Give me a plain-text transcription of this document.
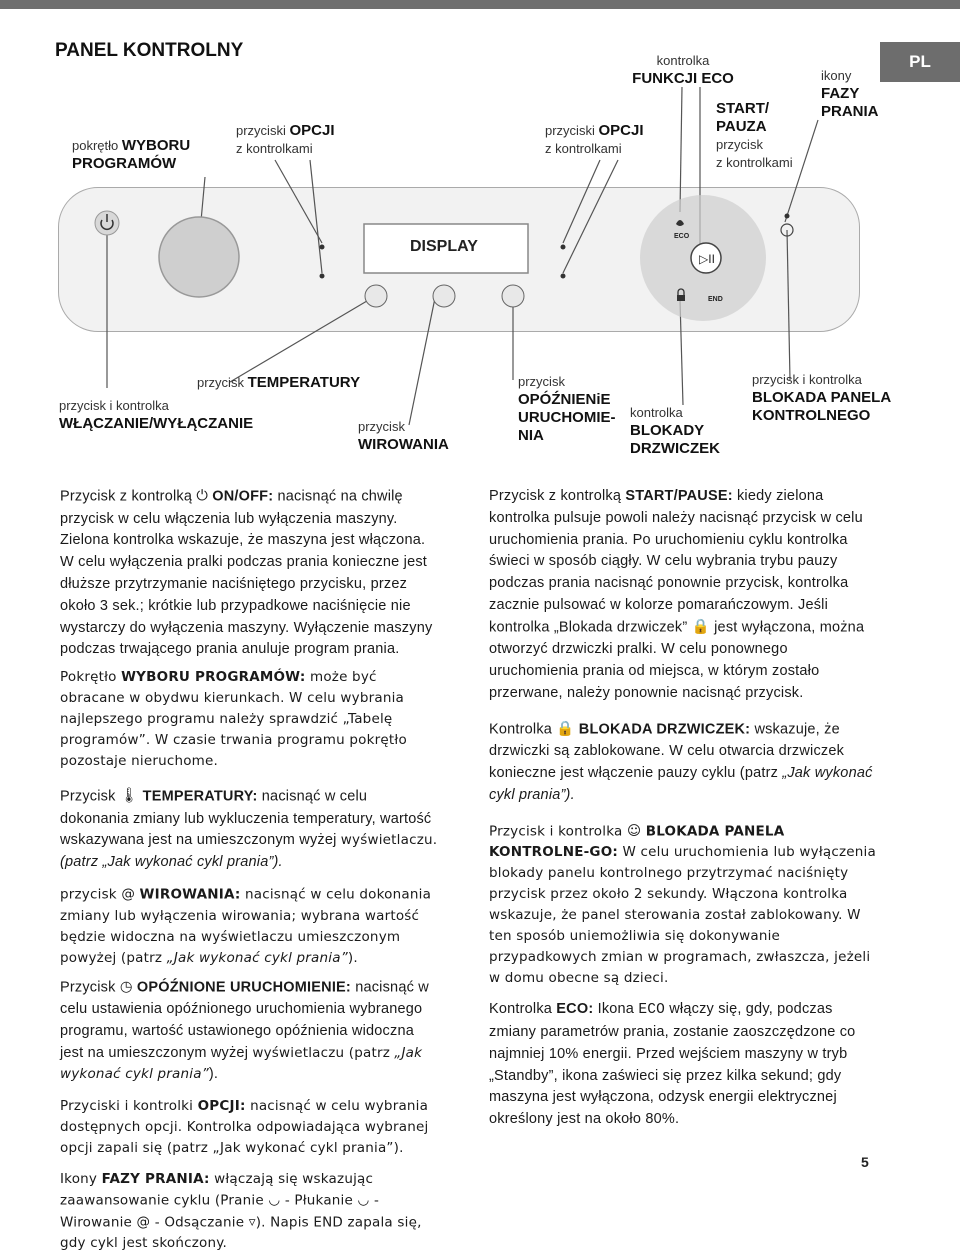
PL
PANEL KONTROLNY
pokrętło WYBORU
PROGRAMÓW
przyciski OPCJI
z kontrolkami
przyciski OPCJI
z kontrolkami
kontrolka
FUNKCJI ECO
START/
PAUZA
przycisk
z kontrolkami
ikony
FAZY
PRANIA
▷II
DISPLAY
ECO
END
przycisk i kontrolka
WŁĄCZANIE/WYŁĄCZANIE
przycisk TEMPERATURY
przycisk
WIROWANIA
przycisk
OPÓŹNIENiE
URUCHOMIE-
NIA
kontrolka
BLOKADY
DRZWICZEK
przycisk i kontrolka
BLOKADA PANELA
KONTROLNEGO

Przycisk z kontrolką ⏻ ON/OFF: nacisnąć na chwilę przycisk w celu włączenia lub wyłączenia maszyny. Zielona kontrolka wskazuje, że maszyna jest włączona. W celu wyłączenia pralki podczas prania konieczne jest dłuższe przytrzymanie naciśniętego przycisku, przez około 3 sek.; krótkie lub przypadkowe naciśnięcie nie wystarczy do wyłączenia maszyny. Wyłączenie maszyny podczas trwającego prania anuluje program prania.

Pokrętło WYBORU PROGRAMÓW: może być obracane w obydwu kierunkach. W celu wybrania najlepszego programu należy sprawdzić „Tabelę programów”. W czasie trwania programu pokrętło pozostaje nieruchome.

Przycisk 🌡 TEMPERATURY: nacisnąć w celu dokonania zmiany lub wykluczenia temperatury, wartość wskazywana jest na umieszczonym wyżej wyświetlaczu.
(patrz „Jak wykonać cykl prania”).

przycisk @ WIROWANIA: nacisnąć w celu dokonania zmiany lub wyłączenia wirowania; wybrana wartość będzie widoczna na wyświetlaczu umieszczonym powyżej (patrz „Jak wykonać cykl prania”).

Przycisk ◷ OPÓŹNIONE URUCHOMIENIE: nacisnąć w celu ustawienia opóźnionego uruchomienia wybranego programu, wartość ustawionego opóźnienia widoczna jest na umieszczonym wyżej wyświetlaczu (patrz „Jak wykonać cykl prania”).

Przyciski i kontrolki OPCJI: nacisnąć w celu wybrania dostępnych opcji. Kontrolka odpowiadająca wybranej opcji zapali się (patrz „Jak wykonać cykl prania”).

Ikony FAZY PRANIA: włączają się wskazując zaawansowanie cyklu (Pranie ◡ - Płukanie ◡ - Wirowanie @ - Odsączanie ▿). Napis END zapala się, gdy cykl jest skończony.

Przycisk z kontrolką START/PAUSE: kiedy zielona kontrolka pulsuje powoli należy nacisnąć przycisk w celu uruchomienia prania. Po uruchomieniu cyklu kontrolka świeci w sposób ciągły. W celu wybrania trybu pauzy podczas prania nacisnąć ponownie przycisk, kontrolka zacznie pulsować w kolorze pomarańczowym. Jeśli kontrolka „Blokada drzwiczek” 🔒 jest wyłączona, można otworzyć drzwiczki pralki. W celu ponownego uruchomienia prania od miejsca, w którym zostało przerwane, należy ponownie nacisnąć przycisk.

Kontrolka 🔒 BLOKADA DRZWICZEK: wskazuje, że drzwiczki są zablokowane. W celu otwarcia drzwiczek konieczne jest włączenie pauzy cyklu (patrz „Jak wykonać cykl prania”).

Przycisk i kontrolka ☺ BLOKADA PANELA KONTROLNE-GO: W celu uruchomienia lub wyłączenia blokady panelu kontrolnego przytrzymać naciśnięty przycisk przez około 2 sekundy. Włączona kontrolka wskazuje, że panel sterowania został zablokowany. W ten sposób uniemożliwia się dokonywanie przypadkowych zmian w programach, zwłaszcza, jeżeli w domu obecne są dzieci.

Kontrolka ECO: Ikona ECO włączy się, gdy, podczas zmiany parametrów prania, zostanie zaoszczędzone co najmniej 10% energii. Przed wejściem maszyny w tryb „Standby”, ikona zaświeci się przez kilka sekund; gdy maszyna jest wyłączona, odzysk energii elektrycznej określony jest na około 80%.

5
